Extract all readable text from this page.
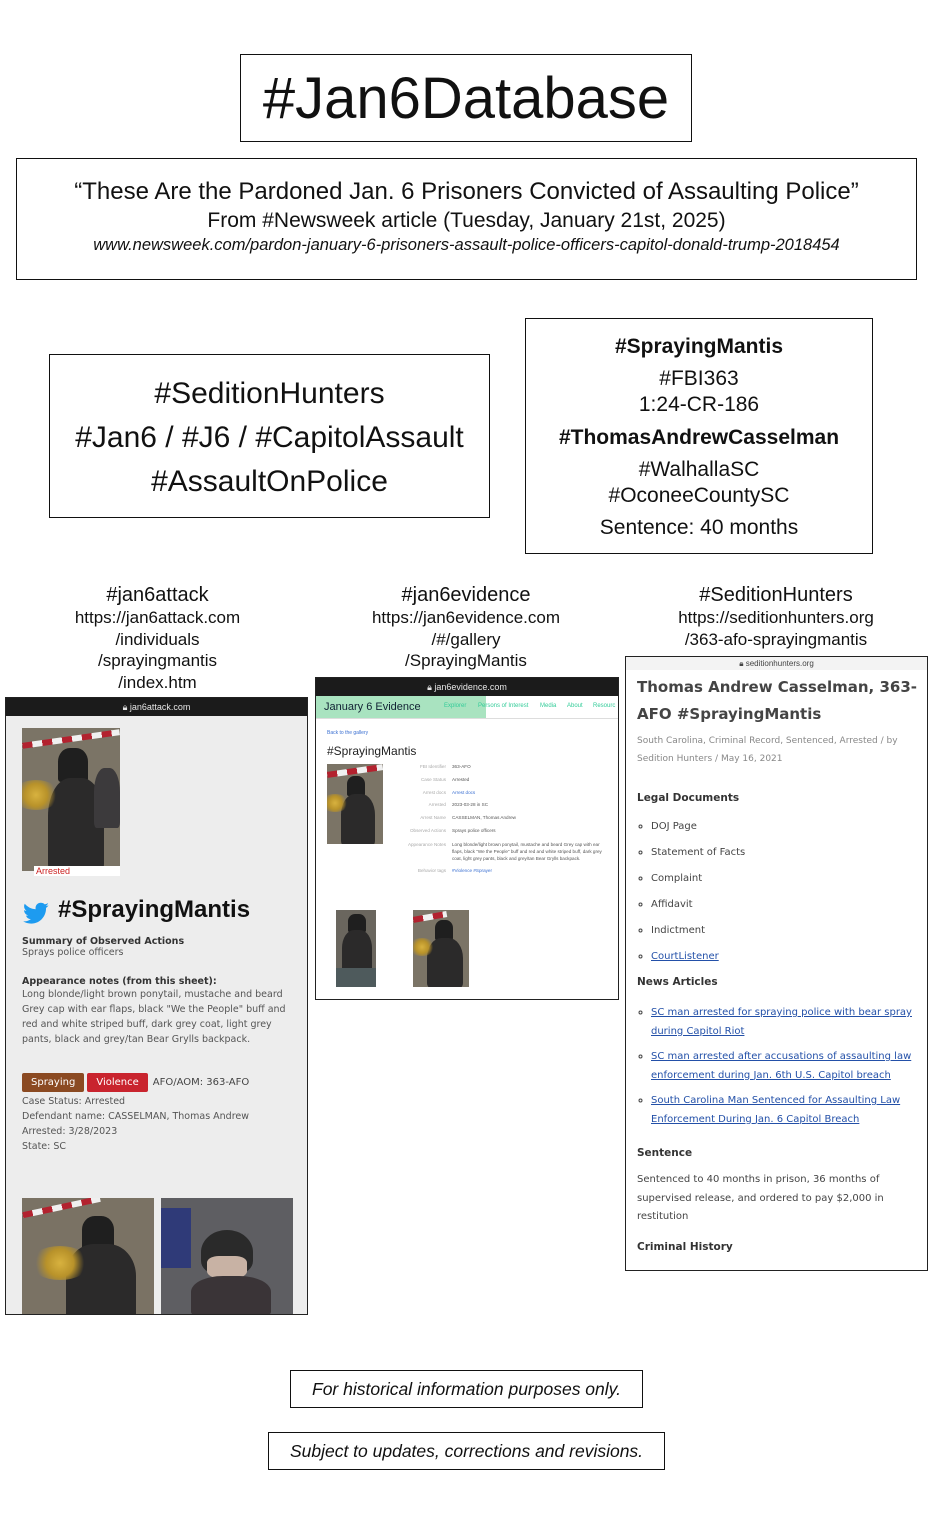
#Jan6Database
“These Are the Pardoned Jan. 6 Prisoners Convicted of Assaulting Police”
From #Newsweek article (Tuesday, January 21st, 2025)
www.newsweek.com/pardon-january-6-prisoners-assault-police-officers-capitol-donald-trump-2018454
#SeditionHunters
#Jan6 / #J6 / #CapitolAssault
#AssaultOnPolice
#SprayingMantis
#FBI363
1:24-CR-186
#ThomasAndrewCasselman
#WalhallaSC
#OconeeCountySC
Sentence: 40 months
#jan6attack
https://jan6attack.com
/individuals
/sprayingmantis
/index.htm
#jan6evidence
https://jan6evidence.com
/#/gallery
/SprayingMantis
#SeditionHunters
https://seditionhunters.org
/363-afo-sprayingmantis
🔒︎ jan6attack.com
Arrested
#SprayingMantis
Summary of Observed Actions
Sprays police officers
Appearance notes (from this sheet):
Long blonde/light brown ponytail, mustache and beard Grey cap with ear flaps, black "We the People" buff and red and white striped buff, dark grey coat, light grey pants, black and grey/tan Bear Grylls backpack.
Spraying Violence AFO/AOM: 363-AFO
Case Status: Arrested
Defendant name: CASSELMAN, Thomas Andrew
Arrested: 3/28/2023
State: SC
🔒︎ jan6evidence.com
January 6 Evidence	Explorer Persons of Interest Media About Resourc
Back to the gallery
#SprayingMantis
FBI Identifier 363-AFO
Case Status Arrested
Arrest docs Arrest docs
Arrested 2023-03-28 in SC
Arrest Name CASSELMAN, Thomas Andrew
Observed Actions Sprays police officers
Appearance Notes	Long blonde/light brown ponytail, mustache and beard Grey cap with ear flaps, black "We the People" buff and red and white striped buff, dark grey coat, light grey pants, black and grey/tan Bear Grylls backpack.
Behavior tags #Violence #Sprayer
🔒︎ seditionhunters.org
Thomas Andrew Casselman, 363-
AFO #SprayingMantis
South Carolina, Criminal Record, Sentenced, Arrested / by
Sedition Hunters / May 16, 2021
Legal Documents
◦ DOJ Page
◦ Statement of Facts
◦ Complaint
◦ Affidavit
◦ Indictment
◦ CourtListener
News Articles
◦ SC man arrested for spraying police with bear spray
during Capitol Riot
◦ SC man arrested after accusations of assaulting law
enforcement during Jan. 6th U.S. Capitol breach
◦ South Carolina Man Sentenced for Assaulting Law
Enforcement During Jan. 6 Capitol Breach
Sentence
Sentenced to 40 months in prison, 36 months of
supervised release, and ordered to pay $2,000 in
restitution
Criminal History
For historical information purposes only.
Subject to updates, corrections and revisions.
